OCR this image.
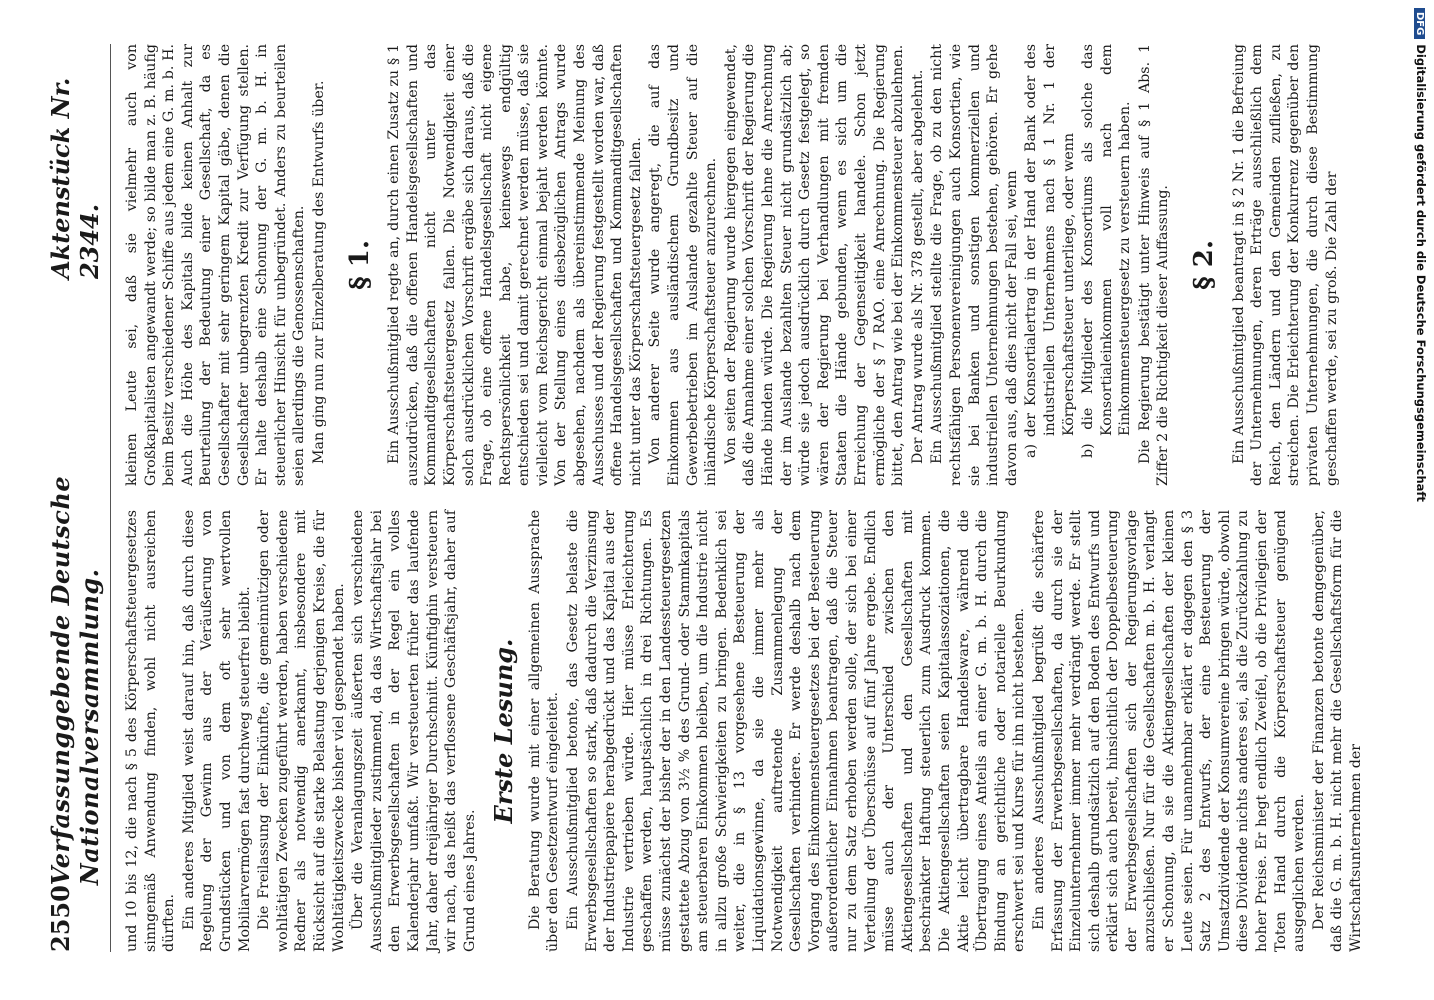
2550
Verfassunggebende Deutsche Nationalversammlung.
Aktenstück Nr. 2344.

und 10 bis 12, die nach § 5 des Körperschaftsteuergesetzes sinngemäß Anwendung finden, wohl nicht ausreichen dürften. Ein anderes Mitglied weist darauf hin, daß durch diese Regelung der Gewinn aus der Veräußerung von Grundstücken und von dem oft sehr wertvollen Mobiliarvermögen fast durchweg steuerfrei bleibt. Die Freilassung der Einkünfte, die gemeinnützigen oder wohltätigen Zwecken zugeführt werden, haben verschiedene Redner als notwendig anerkannt, insbesondere mit Rücksicht auf die starke Belastung derjenigen Kreise, die für Wohltätigkeitszwecke bisher viel gespendet haben. Über die Veranlagungszeit äußerten sich verschiedene Ausschußmitglieder zustimmend, da das Wirtschaftsjahr bei den Erwerbsgesellschaften in der Regel ein volles Kalenderjahr umfaßt. Wir versteuerten früher das laufende Jahr, daher dreijähriger Durchschnitt. Künftighin versteuern wir nach, das heißt das verflossene Geschäftsjahr, daher auf Grund eines Jahres.

Erste Lesung. Die Beratung wurde mit einer allgemeinen Aussprache über den Gesetzentwurf eingeleitet. Ein Ausschußmitglied betonte, das Gesetz belaste die Erwerbsgesellschaften so stark, daß dadurch die Verzinsung der Industriepapiere herabgedrückt und das Kapital aus der Industrie vertrieben würde. Hier müsse Erleichterung geschaffen werden, hauptsächlich in drei Richtungen. Es müsse zunächst der bisher der in den Landessteuergesetzen gestattete Abzug von 3½ % des Grund- oder Stammkapitals am steuerbaren Einkommen bleiben, um die Industrie nicht in allzu große Schwierigkeiten zu bringen. Bedenklich sei weiter, die in § 13 vorgesehene Besteuerung der Liquidationsgewinne, da sie die immer mehr als Notwendigkeit auftretende Zusammenlegung der Gesellschaften verhindere. Er werde deshalb nach dem Vorgang des Einkommensteuergesetzes bei der Besteuerung außerordentlicher Einnahmen beantragen, daß die Steuer nur zu dem Satz erhoben werden solle, der sich bei einer Verteilung der Überschüsse auf fünf Jahre ergebe. Endlich müsse auch der Unterschied zwischen den Aktiengesellschaften und den Gesellschaften mit beschränkter Haftung steuerlich zum Ausdruck kommen. Die Aktiengesellschaften seien Kapitalassoziationen, die Aktie leicht übertragbare Handelsware, während die Übertragung eines Anteils an einer G. m. b. H. durch die Bindung an gerichtliche oder notarielle Beurkundung erschwert sei und Kurse für ihn nicht bestehen. Ein anderes Ausschußmitglied begrüßt die schärfere Erfassung der Erwerbsgesellschaften, da durch sie der Einzelunternehmer immer mehr verdrängt werde. Er stellt sich deshalb grundsätzlich auf den Boden des Entwurfs und erklärt sich auch bereit, hinsichtlich der Doppelbesteuerung der Erwerbsgesellschaften sich der Regierungsvorlage anzuschließen. Nur für die Gesellschaften m. b. H. verlangt er Schonung, da sie die Aktiengesellschaften der kleinen Leute seien. Für unannehmbar erklärt er dagegen den § 3 Satz 2 des Entwurfs, der eine Besteuerung der Umsatzdividende der Konsumvereine bringen würde, obwohl diese Dividende nichts anderes sei, als die Zurückzahlung zu hoher Preise. Er hegt endlich Zweifel, ob die Privilegien der Toten Hand durch die Körperschaftsteuer genügend ausgeglichen werden. Der Reichsminister der Finanzen betonte demgegenüber, daß die G. m. b. H. nicht mehr die Gesellschaftsform für die Wirtschaftsunternehmen der

kleinen Leute sei, daß sie vielmehr auch von Großkapitalisten angewandt werde; so bilde man z. B. häufig beim Besitz verschiedener Schiffe aus jedem eine G. m. b. H. Auch die Höhe des Kapitals bilde keinen Anhalt zur Beurteilung der Bedeutung einer Gesellschaft, da es Gesellschafter mit sehr geringem Kapital gäbe, denen die Gesellschafter unbegrenzten Kredit zur Verfügung stellen. Er halte deshalb eine Schonung der G. m. b. H. in steuerlicher Hinsicht für unbegründet. Anders zu beurteilen seien allerdings die Genossenschaften. Man ging nun zur Einzelberatung des Entwurfs über. § 1. Ein Ausschußmitglied regte an, durch einen Zusatz zu § 1 auszudrücken, daß die offenen Handelsgesellschaften und Kommanditgesellschaften nicht unter das Körperschaftsteuergesetz fallen. Die Notwendigkeit einer solch ausdrücklichen Vorschrift ergäbe sich daraus, daß die Frage, ob eine offene Handelsgesellschaft nicht eigene Rechtspersönlichkeit habe, keineswegs endgültig entschieden sei und damit gerechnet werden müsse, daß sie vielleicht vom Reichsgericht einmal bejaht werden könnte. Von der Stellung eines diesbezüglichen Antrags wurde abgesehen, nachdem als übereinstimmende Meinung des Ausschusses und der Regierung festgestellt worden war, daß offene Handelsgesellschaften und Kommanditgesellschaften nicht unter das Körperschaftsteuergesetz fallen. Von anderer Seite wurde angeregt, die auf das Einkommen aus ausländischem Grundbesitz und Gewerbebetrieben im Auslande gezahlte Steuer auf die inländische Körperschaftsteuer anzurechnen. Von seiten der Regierung wurde hiergegen eingewendet, daß die Annahme einer solchen Vorschrift der Regierung die Hände binden würde. Die Regierung lehne die Anrechnung der im Auslande bezahlten Steuer nicht grundsätzlich ab; würde sie jedoch ausdrücklich durch Gesetz festgelegt, so wären der Regierung bei Verhandlungen mit fremden Staaten die Hände gebunden, wenn es sich um die Erreichung der Gegenseitigkeit handele. Schon jetzt ermögliche der § 7 RAO. eine Anrechnung. Die Regierung bittet, den Antrag wie bei der Einkommensteuer abzulehnen. Der Antrag wurde als Nr. 378 gestellt, aber abgelehnt. Ein Ausschußmitglied stellte die Frage, ob zu den nicht rechtsfähigen Personenvereinigungen auch Konsortien, wie sie bei Banken und sonstigen kommerziellen und industriellen Unternehmungen bestehen, gehören. Er gehe davon aus, daß dies nicht der Fall sei, wenn a) der Konsortialertrag in der Hand der Bank oder des industriellen Unternehmens nach § 1 Nr. 1 der Körperschaftsteuer unterliege, oder wenn b) die Mitglieder des Konsortiums als solche das Konsortialeinkommen voll nach dem Einkommensteuergesetz zu versteuern haben. Die Regierung bestätigt unter Hinweis auf § 1 Abs. 1 Ziffer 2 die Richtigkeit dieser Auffassung. § 2. Ein Ausschußmitglied beantragt in § 2 Nr. 1 die Befreiung der Unternehmungen, deren Erträge ausschließlich dem Reich, den Ländern und den Gemeinden zufließen, zu streichen. Die Erleichterung der Konkurrenz gegenüber den privaten Unternehmungen, die durch diese Bestimmung geschaffen werde, sei zu groß. Die Zahl der

DFGDigitalisierung gefördert durch die Deutsche Forschungsgemeinschaft
